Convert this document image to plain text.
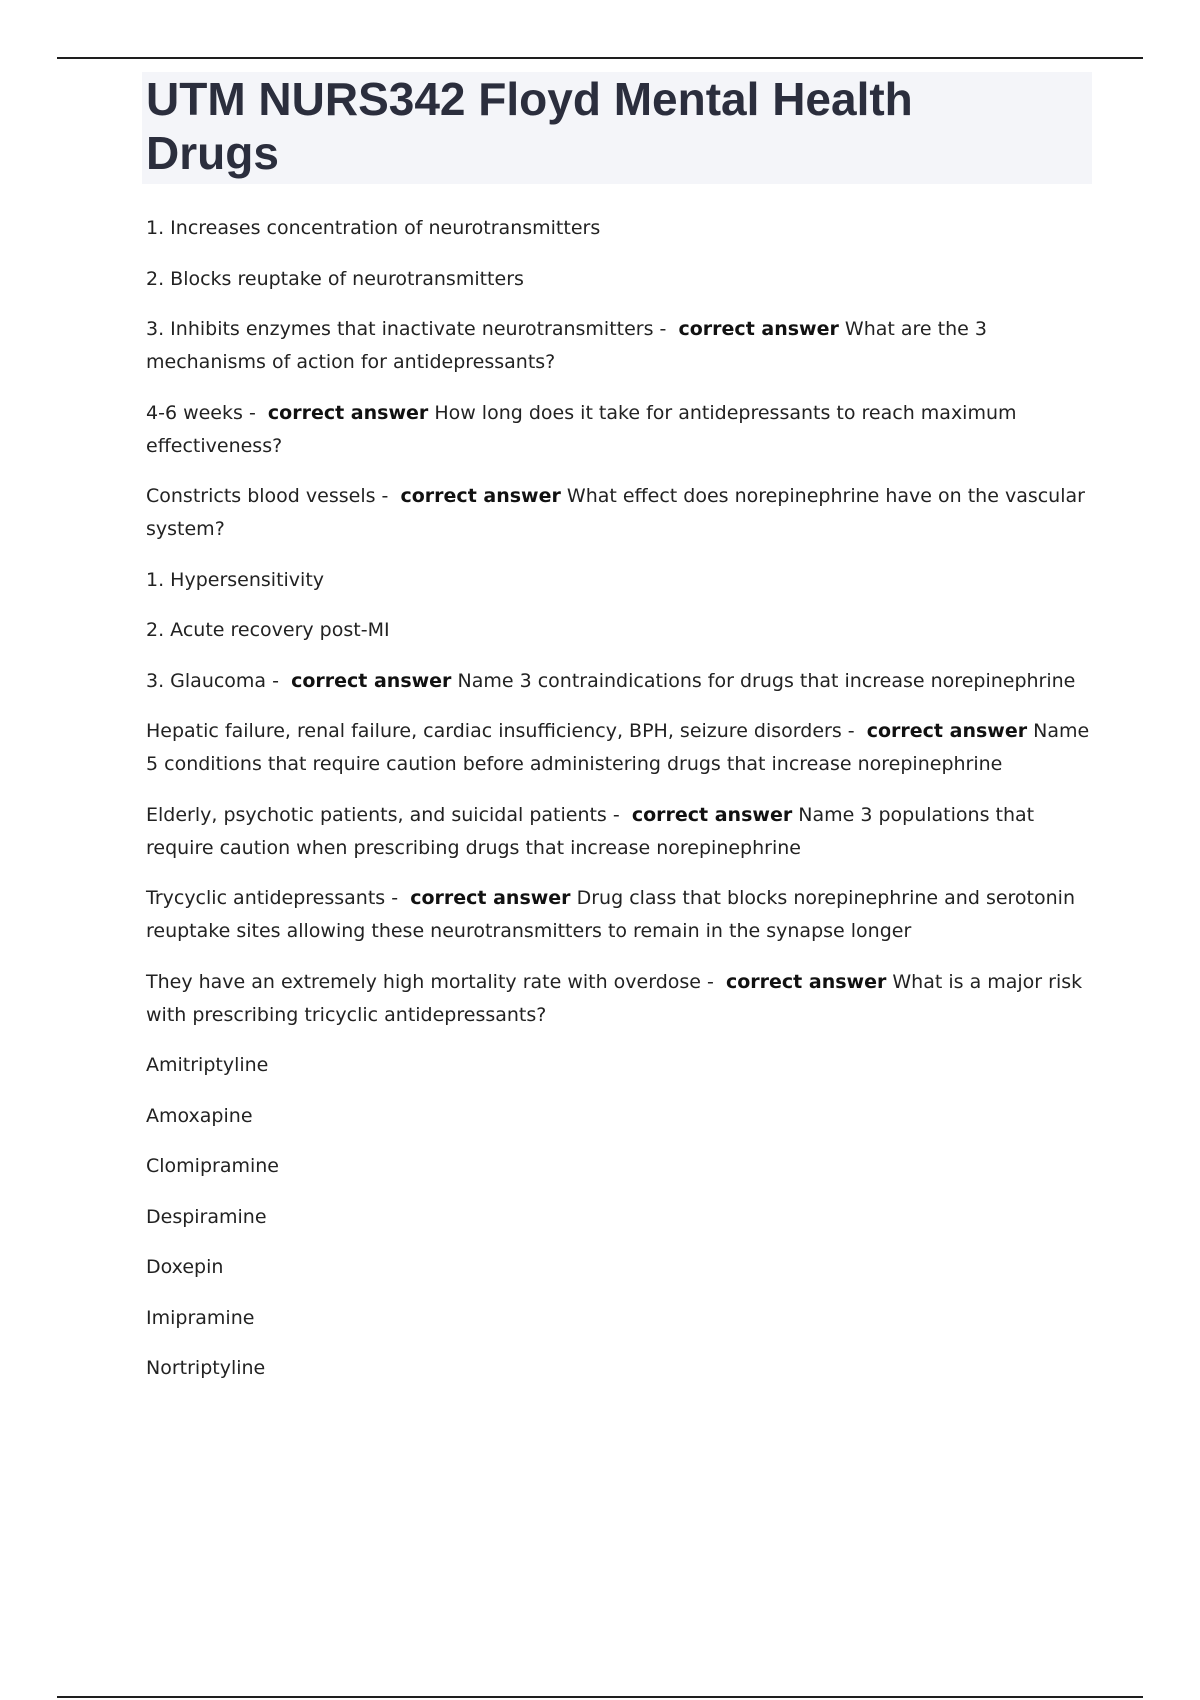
UTM NURS342 Floyd Mental Health Drugs

1. Increases concentration of neurotransmitters

2. Blocks reuptake of neurotransmitters

3. Inhibits enzymes that inactivate neurotransmitters -  correct answer What are the 3 mechanisms of action for antidepressants?

4-6 weeks -  correct answer How long does it take for antidepressants to reach maximum effectiveness?

Constricts blood vessels -  correct answer What effect does norepinephrine have on the vascular system?

1. Hypersensitivity

2. Acute recovery post-MI

3. Glaucoma -  correct answer Name 3 contraindications for drugs that increase norepinephrine

Hepatic failure, renal failure, cardiac insufficiency, BPH, seizure disorders -  correct answer Name 5 conditions that require caution before administering drugs that increase norepinephrine

Elderly, psychotic patients, and suicidal patients -  correct answer Name 3 populations that require caution when prescribing drugs that increase norepinephrine

Trycyclic antidepressants -  correct answer Drug class that blocks norepinephrine and serotonin reuptake sites allowing these neurotransmitters to remain in the synapse longer

They have an extremely high mortality rate with overdose -  correct answer What is a major risk with prescribing tricyclic antidepressants?

Amitriptyline

Amoxapine

Clomipramine

Despiramine

Doxepin

Imipramine

Nortriptyline
